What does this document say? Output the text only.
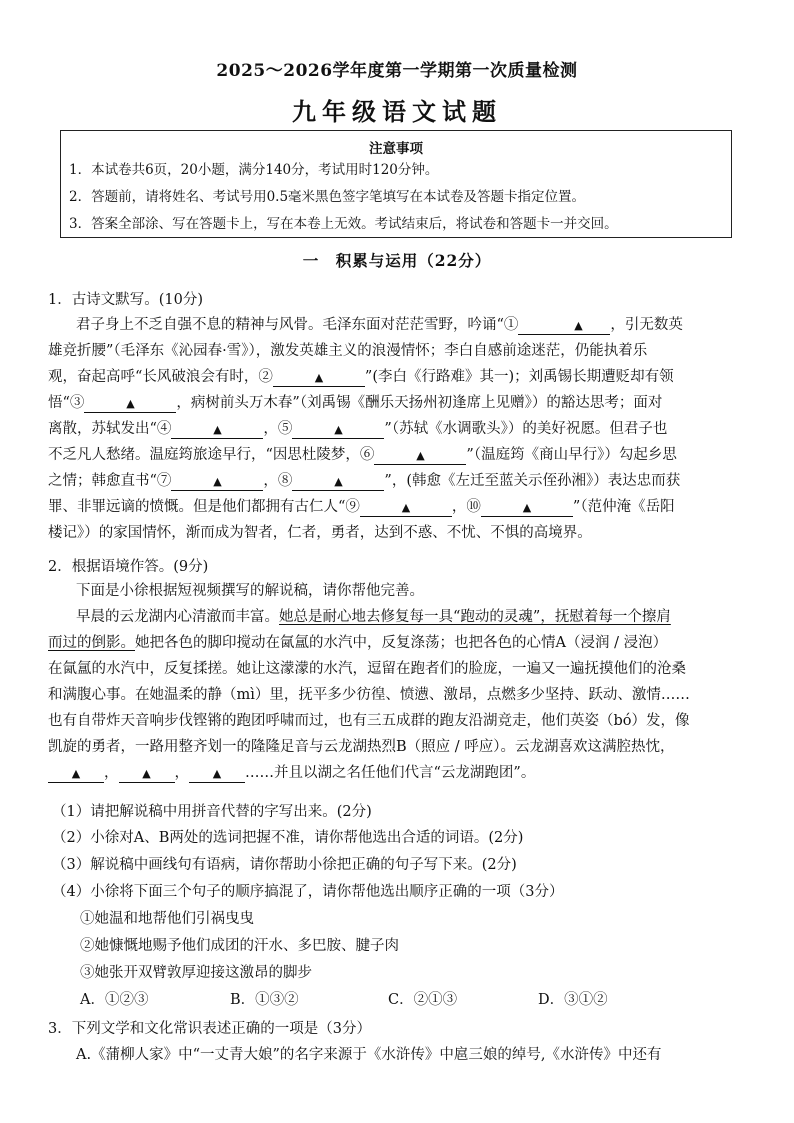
2025～2026学年度第一学期第一次质量检测
九年级语文试题
注意事项
1．本试卷共6页，20小题，满分140分，考试用时120分钟。
2．答题前，请将姓名、考试号用0.5毫米黑色签字笔填写在本试卷及答题卡指定位置。
3．答案全部涂、写在答题卡上，写在本卷上无效。考试结束后，将试卷和答题卡一并交回。
一　积累与运用（22分）
1．古诗文默写。(10分)
君子身上不乏自强不息的精神与风骨。毛泽东面对茫茫雪野，吟诵“①	▲ ，引无数英
雄竞折腰”（毛泽东《沁园春·雪》），激发英雄主义的浪漫情怀；李白自感前途迷茫，仍能执着乐
观，奋起高呼“长风破浪会有时，②	▲	”(李白《行路难》其一)；刘禹锡长期遭贬却有领
悟“③	▲	，病树前头万木春”（刘禹锡《酬乐天扬州初逢席上见赠》）的豁达思考；面对
离散，苏轼发出“④	▲	，⑤	▲	”（苏轼《水调歌头》）的美好祝愿。但君子也
不乏凡人愁绪。温庭筠旅途早行，“因思杜陵梦，⑥	▲	”（温庭筠《商山早行》）勾起乡思
之情；韩愈直书“⑦	▲	，⑧	▲	”，(韩愈《左迁至蓝关示侄孙湘》）表达忠而获
罪、非罪远谪的愤慨。但是他们都拥有古仁人“⑨	▲	，⑩	▲	”（范仲淹《岳阳
楼记》）的家国情怀，渐而成为智者，仁者，勇者，达到不惑、不忧、不惧的高境界。
2．根据语境作答。(9分)
下面是小徐根据短视频撰写的解说稿，请你帮他完善。
早晨的云龙湖内心清澈而丰富。她总是耐心地去修复每一具“跑动的灵魂”，抚慰着每一个擦肩
而过的倒影。她把各色的脚印搅动在氤氲的水汽中，反复涤荡；也把各色的心情A（浸润 / 浸泡）
在氤氲的水汽中，反复揉搓。她让这濛濛的水汽，逗留在跑者们的脸庞，一遍又一遍抚摸他们的沧桑
和满腹心事。在她温柔的静（mì）里，抚平多少彷徨、愤懑、激昂，点燃多少坚持、跃动、激情……
也有自带炸天音响步伐铿锵的跑团呼啸而过，也有三五成群的跑友沿湖竞走，他们英姿（bó）发，像
凯旋的勇者，一路用整齐划一的隆隆足音与云龙湖热烈B（照应 / 呼应）。云龙湖喜欢这满腔热忱，
▲ ， ▲ ， ▲ ……并且以湖之名任他们代言“云龙湖跑团”。
（1）请把解说稿中用拼音代替的字写出来。(2分)
（2）小徐对A、B两处的选词把握不准，请你帮他选出合适的词语。(2分)
（3）解说稿中画线句有语病，请你帮助小徐把正确的句子写下来。(2分)
（4）小徐将下面三个句子的顺序搞混了，请你帮他选出顺序正确的一项（3分）
①她温和地帮他们引祸曳曳
②她慷慨地赐予他们成团的汗水、多巴胺、腱子肉
③她张开双臂敦厚迎接这激昂的脚步
A．①②③	B．①③②	C．②①③	D．③①②
3．下列文学和文化常识表述正确的一项是（3分）
A.《蒲柳人家》中“一丈青大娘”的名字来源于《水浒传》中扈三娘的绰号,《水浒传》中还有
